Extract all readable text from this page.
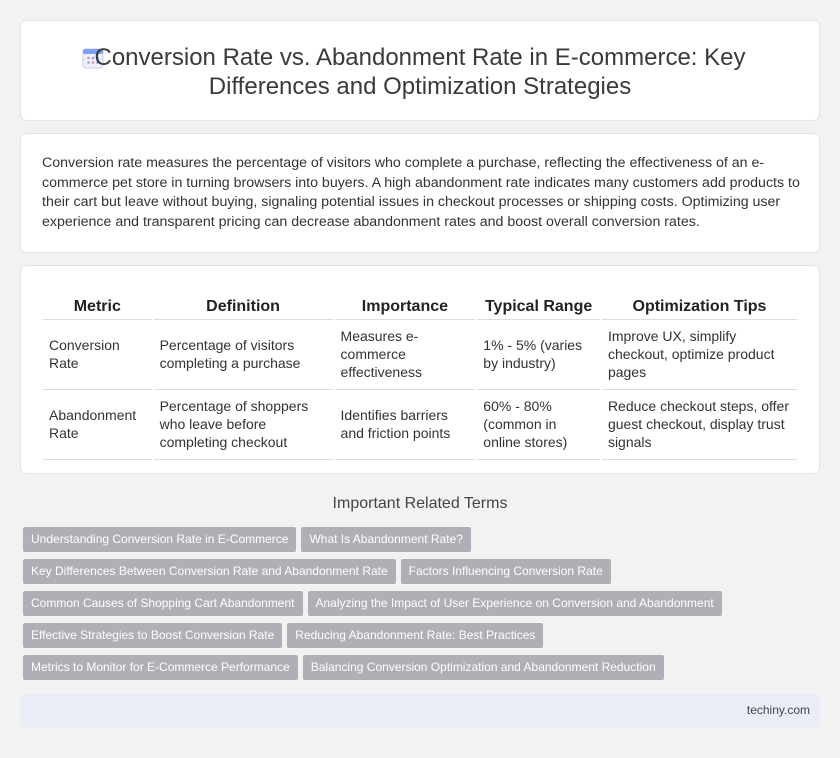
Conversion Rate vs. Abandonment Rate in E-commerce: Key Differences and Optimization Strategies

Conversion rate measures the percentage of visitors who complete a purchase, reflecting the effectiveness of an e-commerce pet store in turning browsers into buyers. A high abandonment rate indicates many customers add products to their cart but leave without buying, signaling potential issues in checkout processes or shipping costs. Optimizing user experience and transparent pricing can decrease abandonment rates and boost overall conversion rates.

Metric	Definition	Importance	Typical Range	Optimization Tips
Conversion Rate	Percentage of visitors completing a purchase	Measures e-commerce effectiveness	1% - 5% (varies by industry)	Improve UX, simplify checkout, optimize product pages
Abandonment Rate	Percentage of shoppers who leave before completing checkout	Identifies barriers and friction points	60% - 80% (common in online stores)	Reduce checkout steps, offer guest checkout, display trust signals
Important Related Terms
Understanding Conversion Rate in E-Commerce What Is Abandonment Rate?
Key Differences Between Conversion Rate and Abandonment Rate Factors Influencing Conversion Rate
Common Causes of Shopping Cart Abandonment Analyzing the Impact of User Experience on Conversion and Abandonment
Effective Strategies to Boost Conversion Rate Reducing Abandonment Rate: Best Practices
Metrics to Monitor for E-Commerce Performance Balancing Conversion Optimization and Abandonment Reduction
techiny.com
